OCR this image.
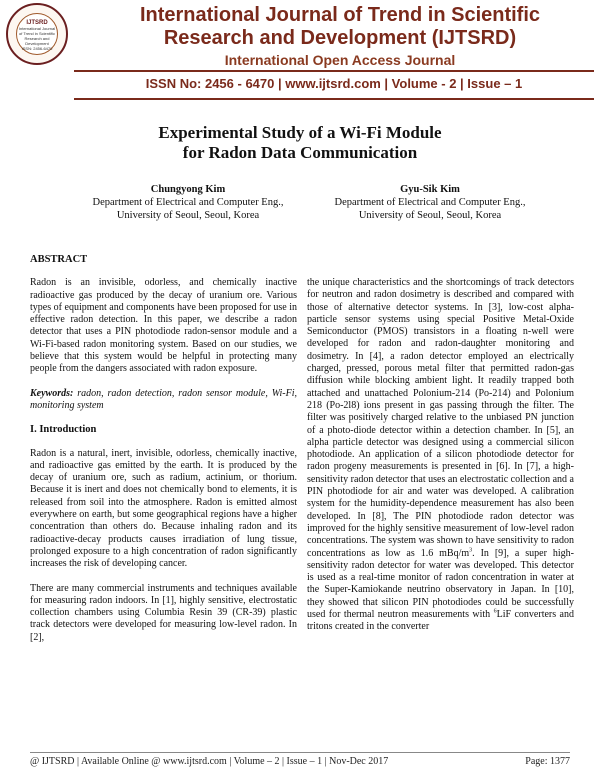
IJTSRD
International Journal of Trend in Scientific Research and Development
ISSN: 2456-6470
International Journal of Trend in Scientific
Research and Development (IJTSRD)
International Open Access Journal
ISSN No: 2456 - 6470 | www.ijtsrd.com | Volume - 2 | Issue – 1
Experimental Study of a Wi-Fi Module
for Radon Data Communication
Chungyong Kim
Department of Electrical and Computer Eng.,
University of Seoul, Seoul, Korea
Gyu-Sik Kim
Department of Electrical and Computer Eng.,
University of Seoul, Seoul, Korea
ABSTRACT

Radon is an invisible, odorless, and chemically inactive radioactive gas produced by the decay of uranium ore. Various types of equipment and components have been proposed for use in effective radon detection. In this paper, we describe a radon detector that uses a PIN photodiode radon-sensor module and a Wi-Fi-based radon monitoring system. Based on our studies, we believe that this system would be helpful in protecting many people from the dangers associated with radon exposure.

Keywords: radon, radon detection, radon sensor module, Wi-Fi, monitoring system

I. Introduction

Radon is a natural, inert, invisible, odorless, chemically inactive, and radioactive gas emitted by the earth. It is produced by the decay of uranium ore, such as radium, actinium, or thorium. Because it is inert and does not chemically bond to elements, it is released from soil into the atmosphere. Radon is emitted almost everywhere on earth, but some geographical regions have a higher concentration than others do. Because inhaling radon and its radioactive-decay products causes irradiation of lung tissue, prolonged exposure to a high concentration of radon significantly increases the risk of developing cancer.

There are many commercial instruments and techniques available for measuring radon indoors. In [1], highly sensitive, electrostatic collection chambers using Columbia Resin 39 (CR-39) plastic track detectors were developed for measuring low-level radon. In [2],

the unique characteristics and the shortcomings of track detectors for neutron and radon dosimetry is described and compared with those of alternative detector systems. In [3], low-cost alpha-particle sensor systems using special Positive Metal-Oxide Semiconductor (PMOS) transistors in a floating n-well were developed for radon and radon-daughter monitoring and dosimetry. In [4], a radon detector employed an electrically charged, pressed, porous metal filter that permitted radon-gas diffusion while blocking ambient light. It readily trapped both attached and unattached Polonium-214 (Po-214) and Polonium 218 (Po-2l8) ions present in gas passing through the filter. The filter was positively charged relative to the unbiased PN junction of a photo-diode detector within a detection chamber. In [5], an alpha particle detector was designed using a commercial silicon photodiode. An application of a silicon photodiode detector for radon progeny measurements is presented in [6]. In [7], a high-sensitivity radon detector that uses an electrostatic collection and a PIN photodiode for air and water was developed. A calibration system for the humidity-dependence measurement has also been developed. In [8], The PIN photodiode radon detector was improved for the highly sensitive measurement of low-level radon concentrations. The system was shown to have sensitivity to radon concentrations as low as 1.6 mBq/$m^3$. In [9], a super high-sensitivity radon detector for water was developed. This detector is used as a real-time monitor of radon concentration in water at the Super-Kamiokande neutrino observatory in Japan. In [10], they showed that silicon PIN photodiodes could be successfully used for thermal neutron measurements with $^6$LiF converters and tritons created in the converter

@ IJTSRD | Available Online @ www.ijtsrd.com | Volume – 2 | Issue – 1 | Nov-Dec 2017	Page: 1377
